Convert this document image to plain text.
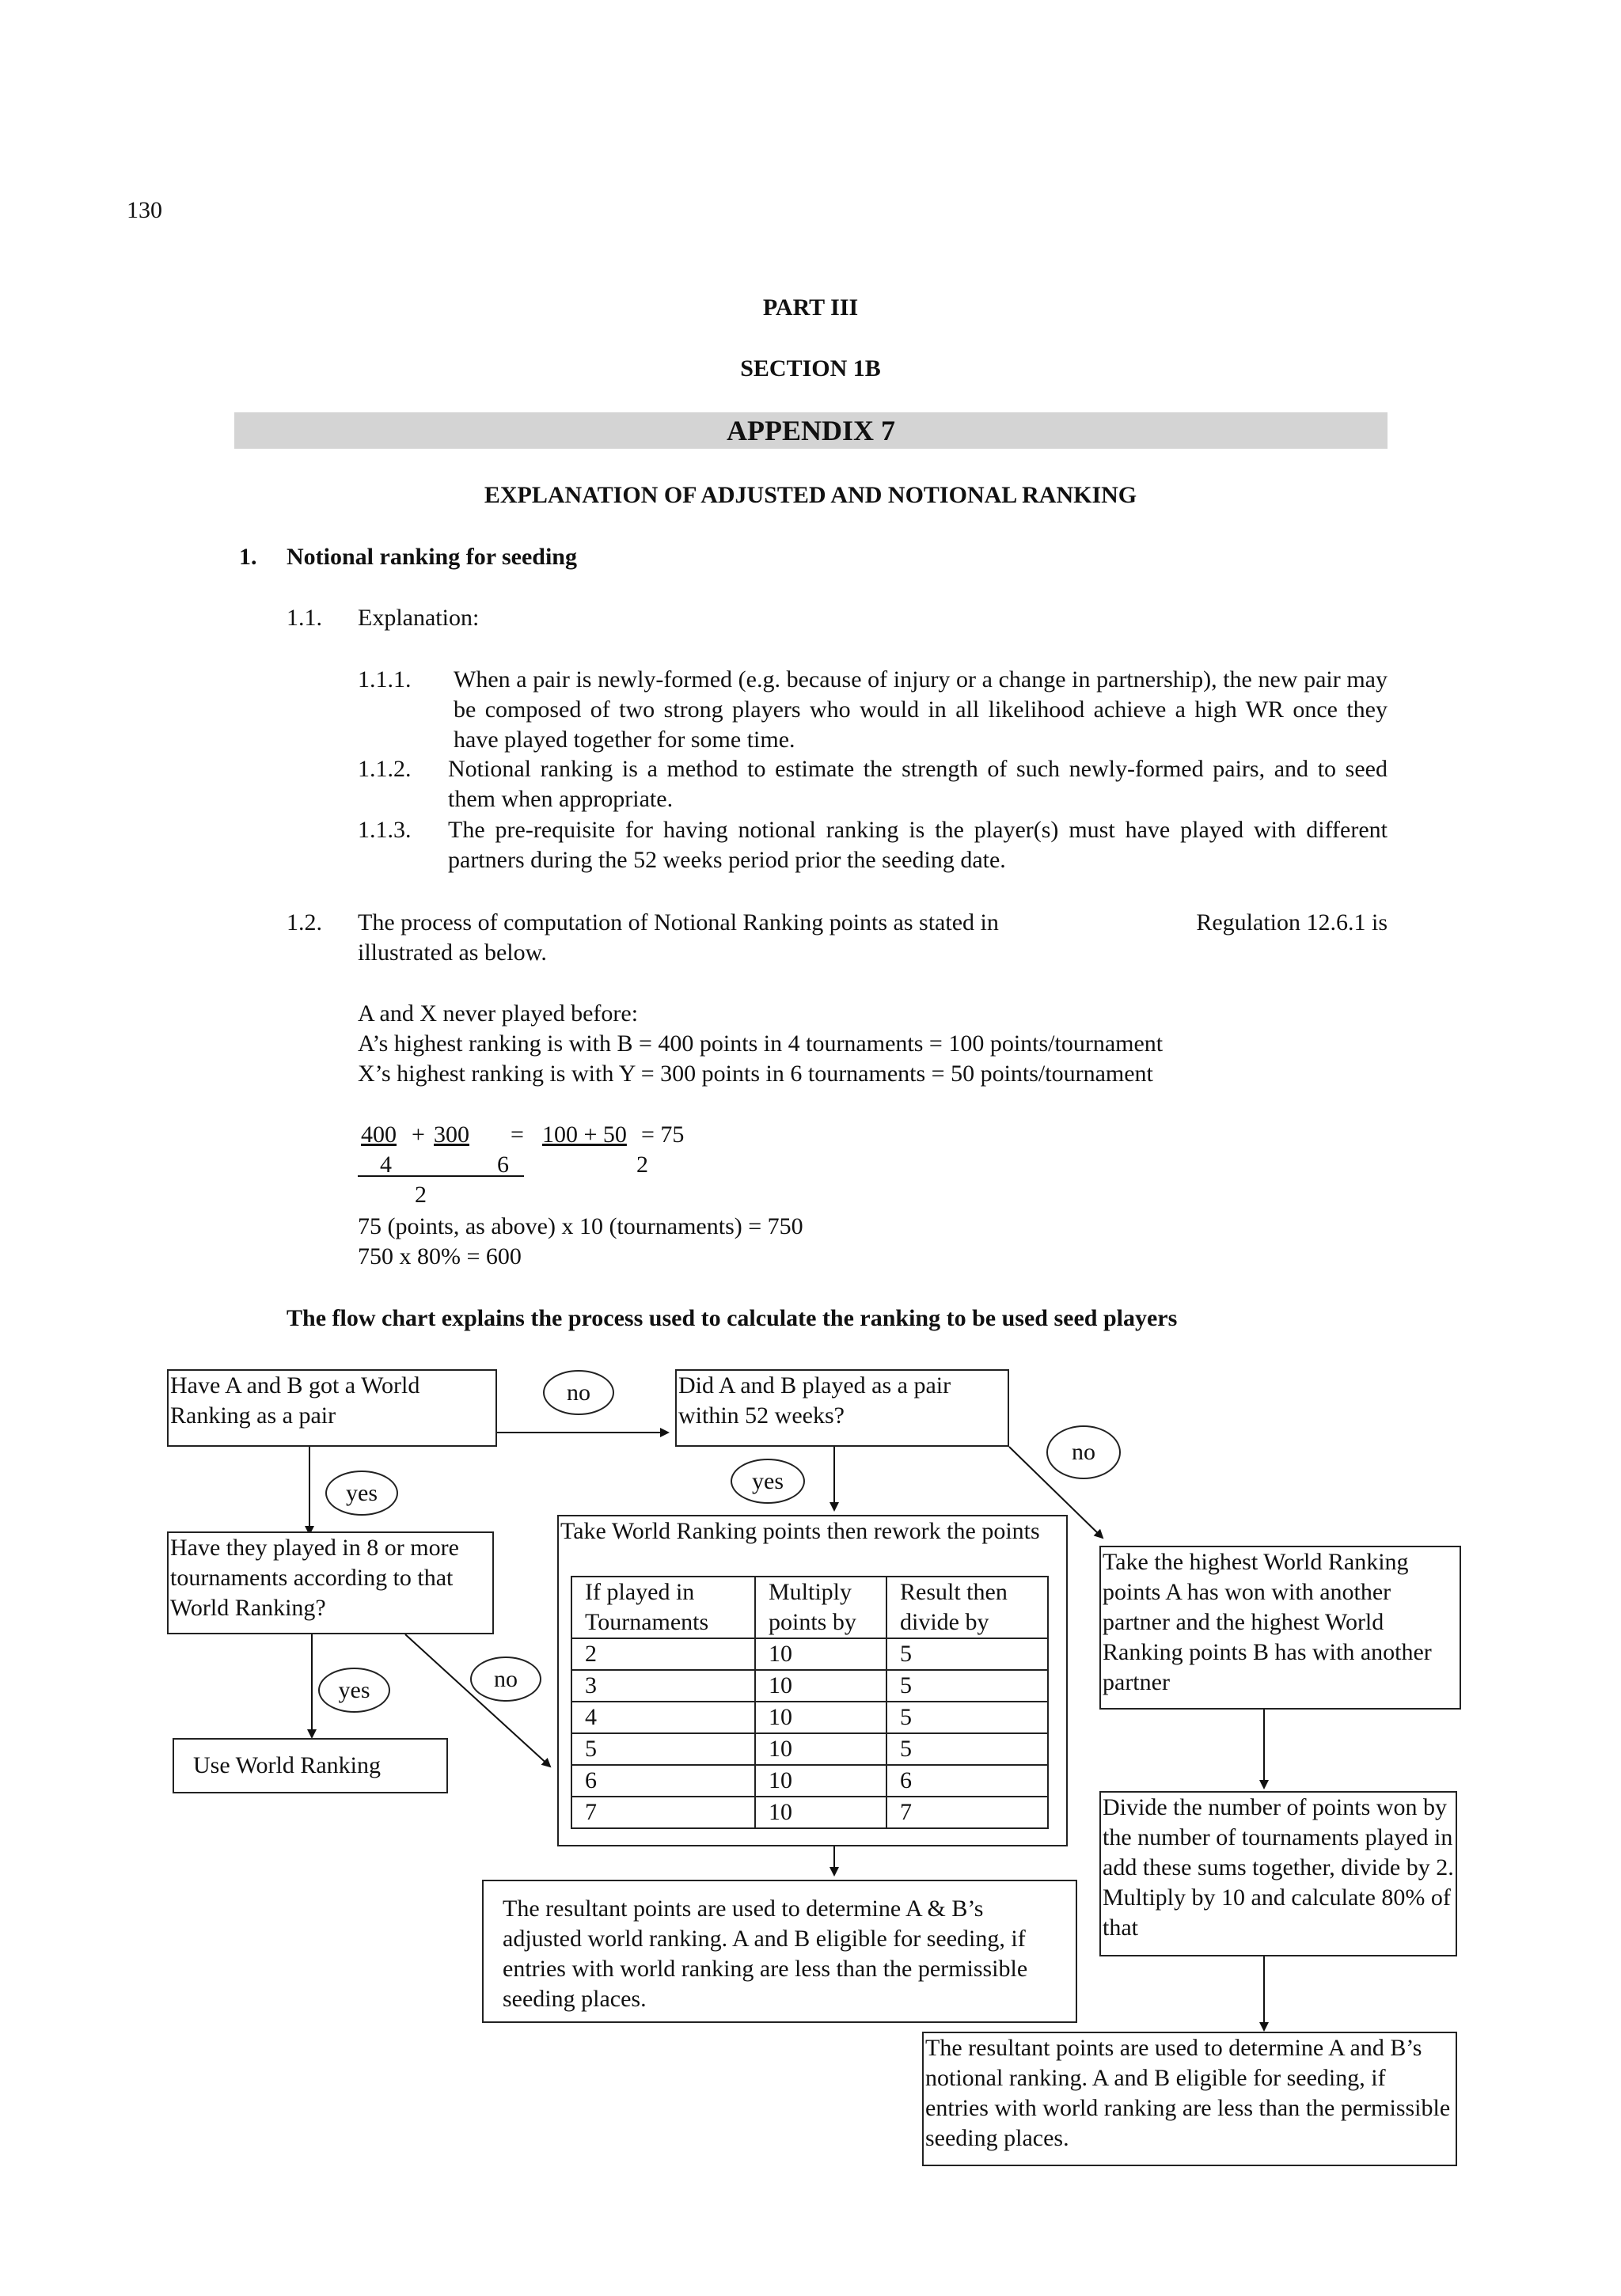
130
PART III
SECTION 1B
APPENDIX 7
EXPLANATION OF ADJUSTED AND NOTIONAL RANKING
1. Notional ranking for seeding
1.1. Explanation:
1.1.1. When a pair is newly-formed (e.g. because of injury or a change in partnership), the new pair may be composed of two strong players who would in all likelihood achieve a high WR once they have played together for some time.
1.1.2. Notional ranking is a method to estimate the strength of such newly-formed pairs, and to seed them when appropriate.
1.1.3. The pre-requisite for having notional ranking is the player(s) must have played with different partners during the 52 weeks period prior the seeding date.
1.2. The process of computation of Notional Ranking points as stated in	Regulation 12.6.1 is
illustrated as below.
A and X never played before:
A’s highest ranking is with B = 400 points in 4 tournaments = 100 points/tournament
X’s highest ranking is with Y = 300 points in 6 tournaments = 50 points/tournament
400 + 300 = 100 + 50 = 75
4	6	2
2
75 (points, as above) x 10 (tournaments) = 750
750 x 80% = 600
The flow chart explains the process used to calculate the ranking to be used seed players
Have A and B got a World Ranking as a pair
Did A and B played as a pair within 52 weeks?
Have they played in 8 or more tournaments according to that World Ranking?
Use World Ranking
Take World Ranking points then rework the points
If played in Tournaments	Multiply points by	Result then divide by
2	10	5
3	10	5
4	10	5
5	10	5
6	10	6
7	10	7
Take the highest World Ranking points A has won with another partner and the highest World Ranking points B has with another partner
Divide the number of points won by the number of tournaments played in add these sums together, divide by 2. Multiply by 10 and calculate 80% of that
The resultant points are used to determine A & B’s adjusted world ranking. A and B eligible for seeding, if entries with world ranking are less than the permissible seeding places.
The resultant points are used to determine A and B’s notional ranking. A and B eligible for seeding, if entries with world ranking are less than the permissible seeding places.
no
yes	yes
no
yes	no
